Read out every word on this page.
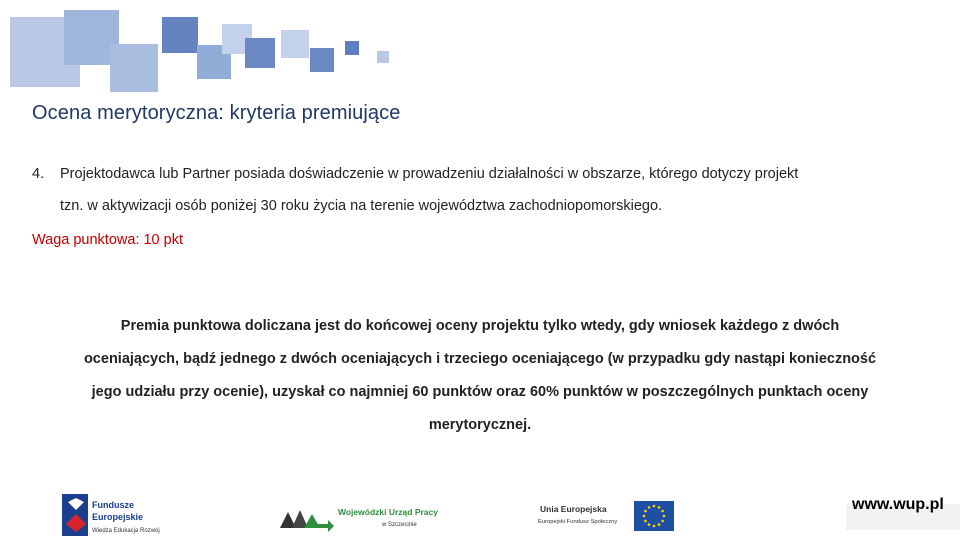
Ocena merytoryczna: kryteria premiujące
4. Projektodawca lub Partner posiada doświadczenie w prowadzeniu działalności w obszarze, którego dotyczy projekt
tzn. w aktywizacji osób poniżej 30 roku życia na terenie województwa zachodniopomorskiego.
Waga punktowa: 10 pkt
Premia punktowa doliczana jest do końcowej oceny projektu tylko wtedy, gdy wniosek każdego z dwóch
oceniających, bądź jednego z dwóch oceniających i trzeciego oceniającego (w przypadku gdy nastąpi konieczność
jego udziału przy ocenie), uzyskał co najmniej 60 punktów oraz 60% punktów w poszczególnych punktach oceny
merytorycznej.
Fundusze
Europejskie
Wiedza Edukacja Rozwój
Wojewódzki Urząd Pracy
w Szczecinie
Unia Europejska
Europejski Fundusz Społeczny
www.wup.pl
